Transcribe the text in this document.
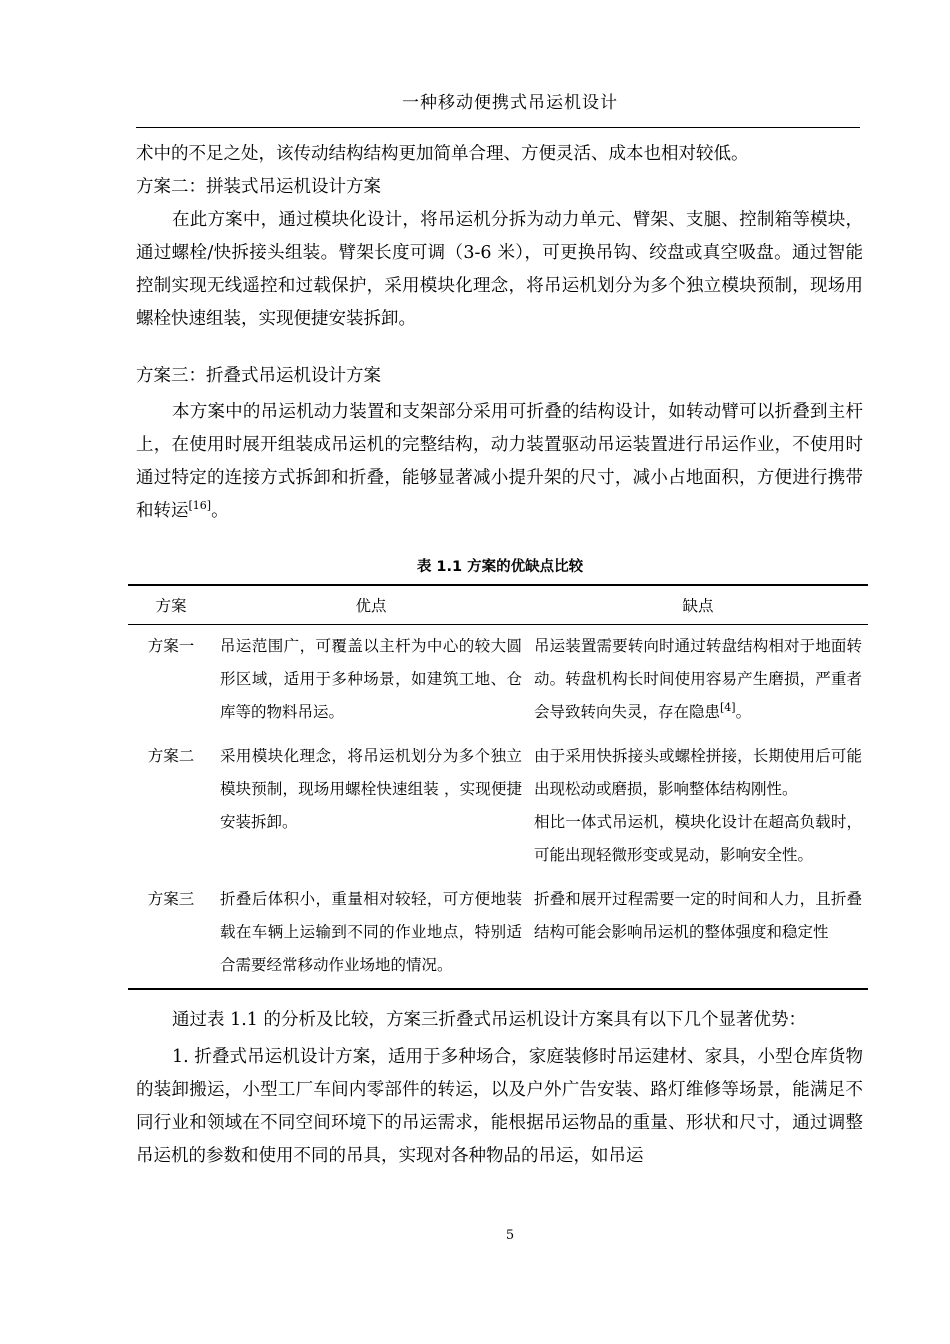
一种移动便携式吊运机设计

术中的不足之处，该传动结构结构更加简单合理、方便灵活、成本也相对较低。

方案二：拼装式吊运机设计方案

在此方案中，通过模块化设计，将吊运机分拆为动力单元、臂架、支腿、控制箱等模块，通过螺栓/快拆接头组装。臂架长度可调（3-6 米），可更换吊钩、绞盘或真空吸盘。通过智能控制实现无线遥控和过载保护，采用模块化理念，将吊运机划分为多个独立模块预制，现场用螺栓快速组装，实现便捷安装拆卸。

方案三：折叠式吊运机设计方案

本方案中的吊运机动力装置和支架部分采用可折叠的结构设计，如转动臂可以折叠到主杆上，在使用时展开组装成吊运机的完整结构，动力装置驱动吊运装置进行吊运作业，不使用时通过特定的连接方式拆卸和折叠，能够显著减小提升架的尺寸，减小占地面积，方便进行携带和转运[16]。

表 1.1 方案的优缺点比较
方案	优点	缺点
方案一	吊运范围广，可覆盖以主杆为中心的较大圆形区域，适用于多种场景，如建筑工地、仓库等的物料吊运。	吊运装置需要转向时通过转盘结构相对于地面转动。转盘机构长时间使用容易产生磨损，严重者会导致转向失灵，存在隐患[4]。
方案二	采用模块化理念，将吊运机划分为多个独立模块预制，现场用螺栓快速组装 ，实现便捷安装拆卸。	由于采用快拆接头或螺栓拼接，长期使用后可能出现松动或磨损，影响整体结构刚性。
相比一体式吊运机，模块化设计在超高负载时，可能出现轻微形变或晃动，影响安全性。

方案三	折叠后体积小，重量相对较轻，可方便地装载在车辆上运输到不同的作业地点，特别适合需要经常移动作业场地的情况。	折叠和展开过程需要一定的时间和人力，且折叠结构可能会影响吊运机的整体强度和稳定性

通过表 1.1 的分析及比较，方案三折叠式吊运机设计方案具有以下几个显著优势：

1. 折叠式吊运机设计方案，适用于多种场合，家庭装修时吊运建材、家具，小型仓库货物的装卸搬运，小型工厂车间内零部件的转运，以及户外广告安装、路灯维修等场景，能满足不同行业和领域在不同空间环境下的吊运需求，能根据吊运物品的重量、形状和尺寸，通过调整吊运机的参数和使用不同的吊具，实现对各种物品的吊运，如吊运

5
